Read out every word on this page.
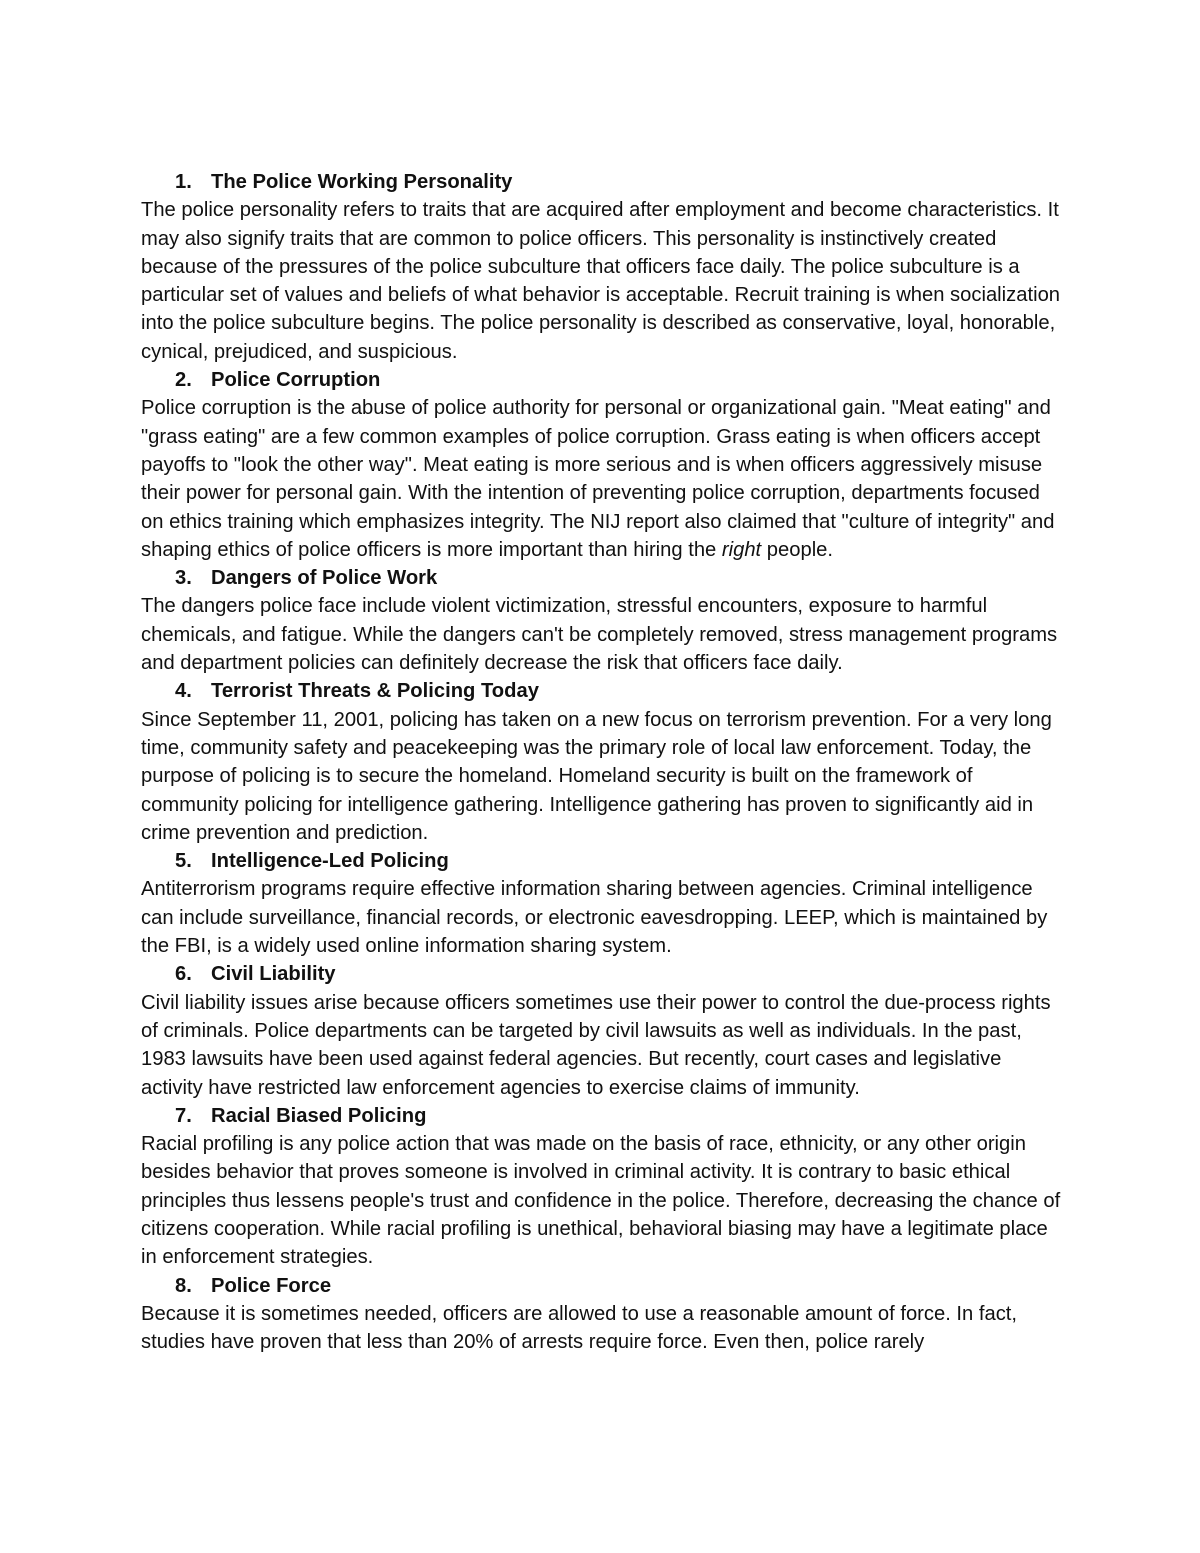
1. The Police Working Personality

The police personality refers to traits that are acquired after employment and become characteristics. It may also signify traits that are common to police officers. This personality is instinctively created because of the pressures of the police subculture that officers face daily. The police subculture is a particular set of values and beliefs of what behavior is acceptable. Recruit training is when socialization into the police subculture begins. The police personality is described as conservative, loyal, honorable, cynical, prejudiced, and suspicious.

2. Police Corruption

Police corruption is the abuse of police authority for personal or organizational gain. "Meat eating" and "grass eating" are a few common examples of police corruption. Grass eating is when officers accept payoffs to "look the other way". Meat eating is more serious and is when officers aggressively misuse their power for personal gain. With the intention of preventing police corruption, departments focused on ethics training which emphasizes integrity. The NIJ report also claimed that "culture of integrity" and shaping ethics of police officers is more important than hiring the right people.

3. Dangers of Police Work

The dangers police face include violent victimization, stressful encounters, exposure to harmful chemicals, and fatigue. While the dangers can't be completely removed, stress management programs and department policies can definitely decrease the risk that officers face daily.

4. Terrorist Threats & Policing Today

Since September 11, 2001, policing has taken on a new focus on terrorism prevention. For a very long time, community safety and peacekeeping was the primary role of local law enforcement. Today, the purpose of policing is to secure the homeland. Homeland security is built on the framework of community policing for intelligence gathering. Intelligence gathering has proven to significantly aid in crime prevention and prediction.

5. Intelligence-Led Policing

Antiterrorism programs require effective information sharing between agencies. Criminal intelligence can include surveillance, financial records, or electronic eavesdropping. LEEP, which is maintained by the FBI, is a widely used online information sharing system.

6. Civil Liability

Civil liability issues arise because officers sometimes use their power to control the due-process rights of criminals. Police departments can be targeted by civil lawsuits as well as individuals. In the past, 1983 lawsuits have been used against federal agencies. But recently, court cases and legislative activity have restricted law enforcement agencies to exercise claims of immunity.

7. Racial Biased Policing

Racial profiling is any police action that was made on the basis of race, ethnicity, or any other origin besides behavior that proves someone is involved in criminal activity. It is contrary to basic ethical principles thus lessens people's trust and confidence in the police. Therefore, decreasing the chance of citizens cooperation. While racial profiling is unethical, behavioral biasing may have a legitimate place in enforcement strategies.

8. Police Force

Because it is sometimes needed, officers are allowed to use a reasonable amount of force. In fact, studies have proven that less than 20% of arrests require force. Even then, police rarely
